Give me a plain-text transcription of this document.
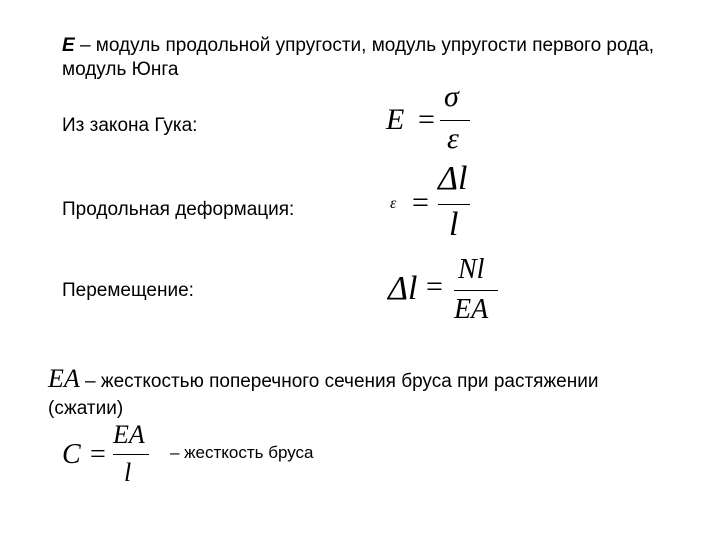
E – модуль продольной упругости, модуль упругости первого рода, модуль Юнга
Из закона Гука:	E =
σ
ε
Продольная деформация:	ε =
Δl
l
Перемещение:	Δl =
Nl
EA
EA – жесткостью поперечного сечения бруса при растяжении (сжатии)
C =
EA
l
– жесткость бруса
